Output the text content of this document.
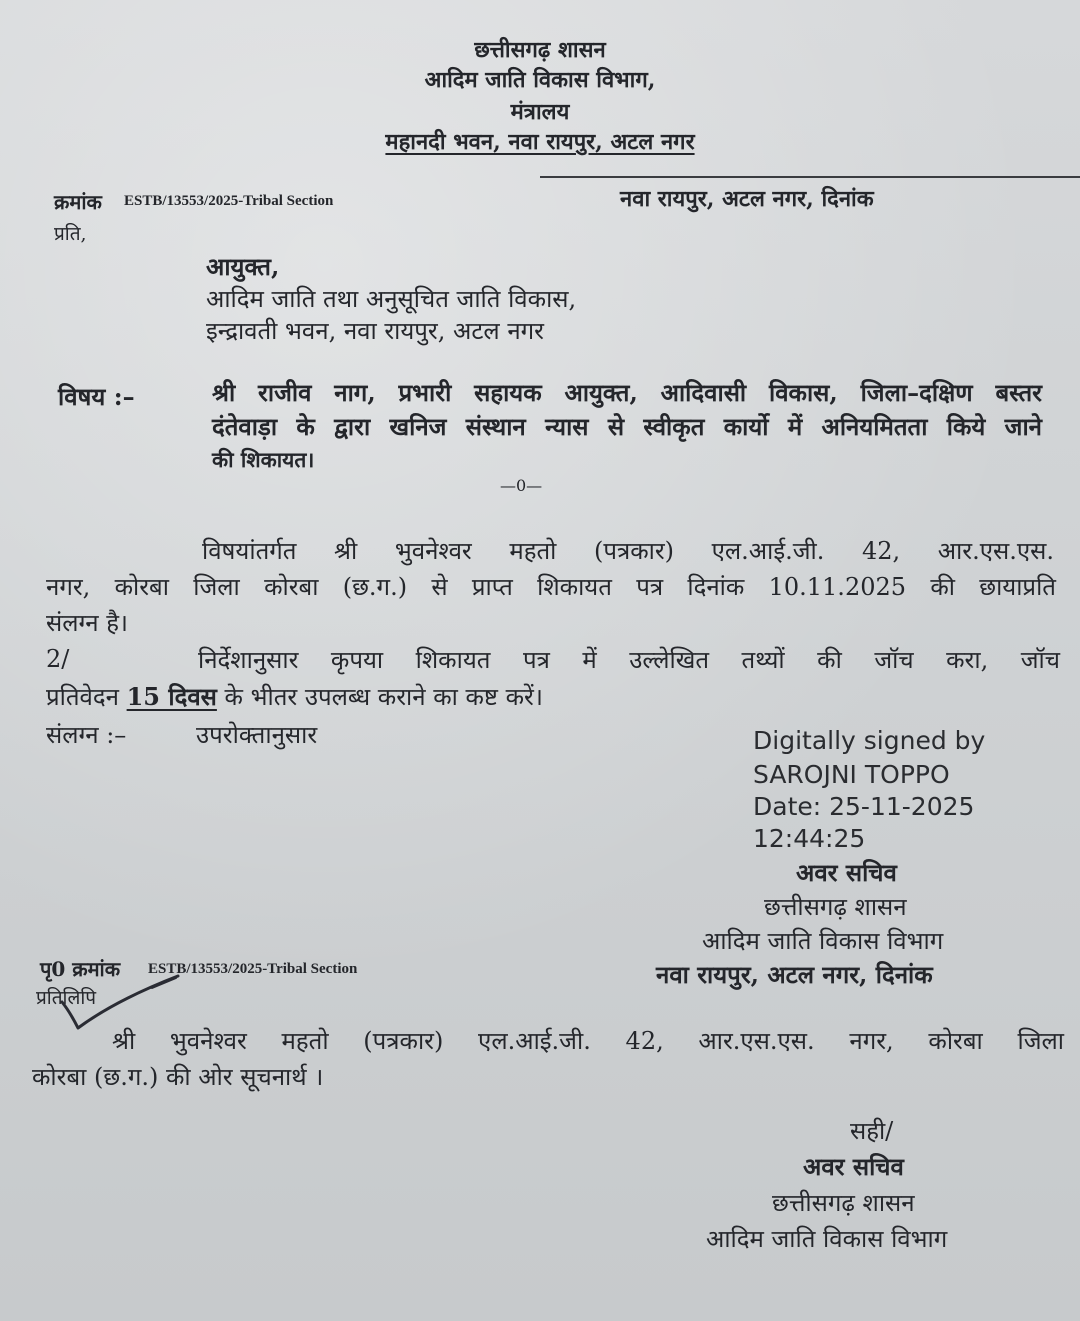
छत्तीसगढ़ शासन
आदिम जाति विकास विभाग,
मंत्रालय
महानदी भवन, नवा रायपुर, अटल नगर
क्रमांक ESTB/13553/2025-Tribal Section	नवा रायपुर, अटल नगर, दिनांक
प्रति,
आयुक्त,
आदिम जाति तथा अनुसूचित जाति विकास,
इन्द्रावती भवन, नवा रायपुर, अटल नगर
विषय :–	श्री राजीव नाग, प्रभारी सहायक आयुक्त, आदिवासी विकास, जिला–दक्षिण बस्तर
दंतेवाड़ा के द्वारा खनिज संस्थान न्यास से स्वीकृत कार्यो में अनियमितता किये जाने
की शिकायत।
—0—
विषयांतर्गत श्री भुवनेश्वर महतो (पत्रकार) एल.आई.जी. 42, आर.एस.एस.
नगर, कोरबा जिला कोरबा (छ.ग.) से प्राप्त शिकायत पत्र दिनांक 10.11.2025 की छायाप्रति
संलग्न है।
2/	निर्देशानुसार कृपया शिकायत पत्र में उल्लेखित तथ्यों की जॉच करा, जॉच
प्रतिवेदन 15 दिवस के भीतर उपलब्ध कराने का कष्ट करें।
संलग्न :–	उपरोक्तानुसार	Digitally signed by
SAROJNI TOPPO
Date: 25-11-2025
12:44:25
अवर सचिव
छत्तीसगढ़ शासन
आदिम जाति विकास विभाग
नवा रायपुर, अटल नगर, दिनांक
पृ0 क्रमांक ESTB/13553/2025-Tribal Section
प्रतिलिपि
श्री भुवनेश्वर महतो (पत्रकार) एल.आई.जी. 42, आर.एस.एस. नगर, कोरबा जिला
कोरबा (छ.ग.) की ओर सूचनार्थ ।
सही/
अवर सचिव
छत्तीसगढ़ शासन
आदिम जाति विकास विभाग
